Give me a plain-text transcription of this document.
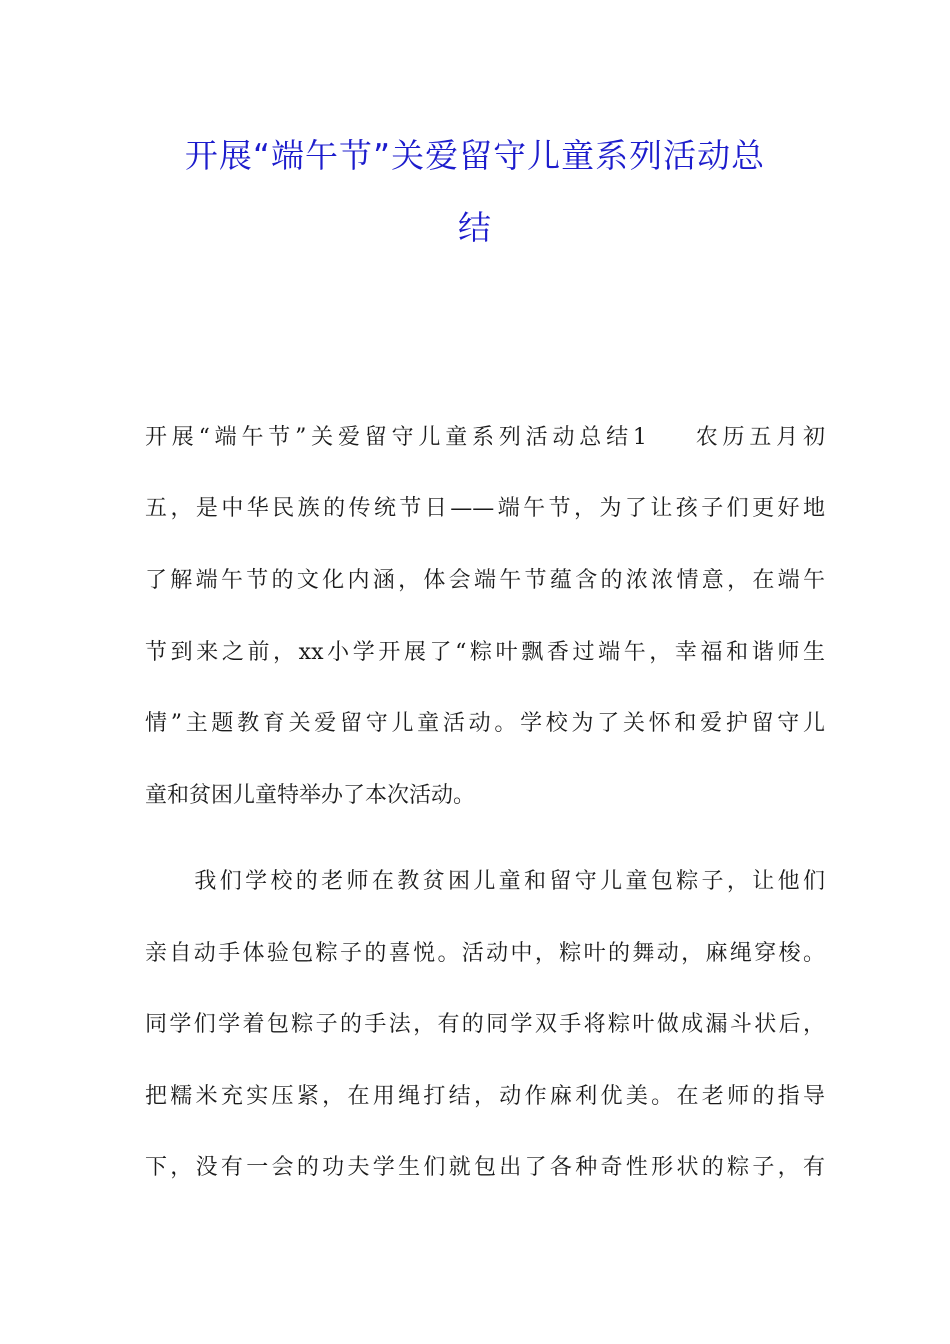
开展“端午节”关爱留守儿童系列活动总
结
开展“端午节”关爱留守儿童系列活动总结1 农历五月初
五，是中华民族的传统节日——端午节，为了让孩子们更好地
了解端午节的文化内涵，体会端午节蕴含的浓浓情意，在端午
节到来之前，xx小学开展了“粽叶飘香过端午，幸福和谐师生
情”主题教育关爱留守儿童活动。学校为了关怀和爱护留守儿
童和贫困儿童特举办了本次活动。
我们学校的老师在教贫困儿童和留守儿童包粽子，让他们
亲自动手体验包粽子的喜悦。活动中，粽叶的舞动，麻绳穿梭。
同学们学着包粽子的手法，有的同学双手将粽叶做成漏斗状后，
把糯米充实压紧，在用绳打结，动作麻利优美。在老师的指导
下，没有一会的功夫学生们就包出了各种奇性形状的粽子，有
